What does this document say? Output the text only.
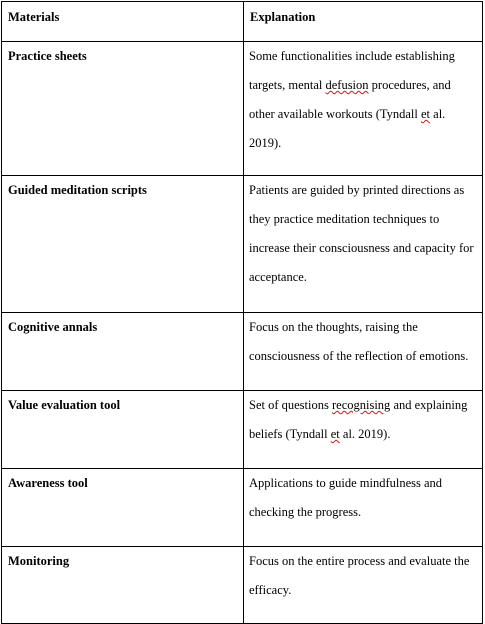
Materials	Explanation
Practice sheets	Some functionalities include establishing targets, mental defusion procedures, and other available workouts (Tyndall et al. 2019).

Guided meditation scripts	Patients are guided by printed directions as they practice meditation techniques to increase their consciousness and capacity for acceptance.
Cognitive annals	Focus on the thoughts, raising the consciousness of the reflection of emotions.
Value evaluation tool	Set of questions recognising and explaining beliefs (Tyndall et al. 2019).

Awareness tool	Applications to guide mindfulness and checking the progress.
Monitoring	Focus on the entire process and evaluate the efficacy.
